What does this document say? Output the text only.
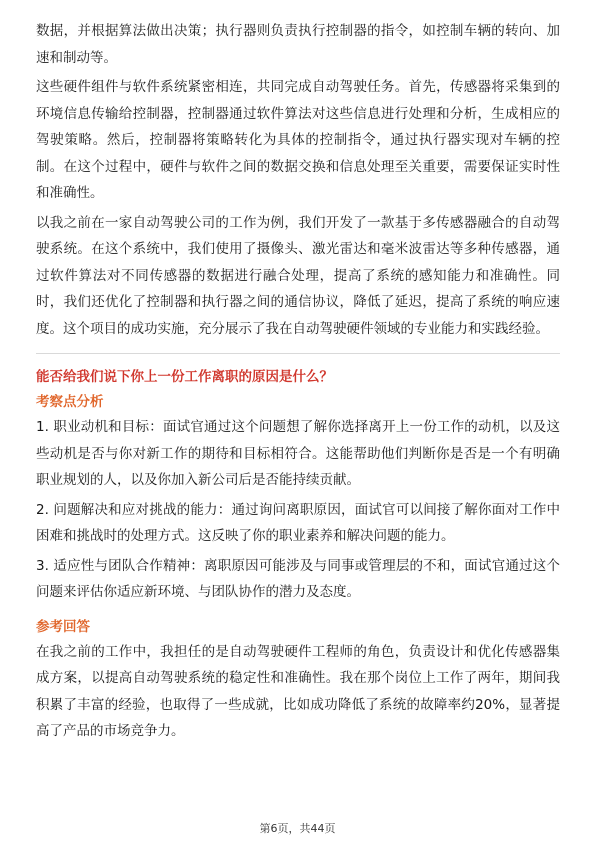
数据，并根据算法做出决策；执行器则负责执行控制器的指令，如控制车辆的转向、加速和制动等。

这些硬件组件与软件系统紧密相连，共同完成自动驾驶任务。首先，传感器将采集到的环境信息传输给控制器，控制器通过软件算法对这些信息进行处理和分析，生成相应的驾驶策略。然后，控制器将策略转化为具体的控制指令，通过执行器实现对车辆的控制。在这个过程中，硬件与软件之间的数据交换和信息处理至关重要，需要保证实时性和准确性。

以我之前在一家自动驾驶公司的工作为例，我们开发了一款基于多传感器融合的自动驾驶系统。在这个系统中，我们使用了摄像头、激光雷达和毫米波雷达等多种传感器，通过软件算法对不同传感器的数据进行融合处理，提高了系统的感知能力和准确性。同时，我们还优化了控制器和执行器之间的通信协议，降低了延迟，提高了系统的响应速度。这个项目的成功实施，充分展示了我在自动驾驶硬件领域的专业能力和实践经验。

能否给我们说下你上一份工作离职的原因是什么？

考察点分析

1. 职业动机和目标：面试官通过这个问题想了解你选择离开上一份工作的动机，以及这些动机是否与你对新工作的期待和目标相符合。这能帮助他们判断你是否是一个有明确职业规划的人，以及你加入新公司后是否能持续贡献。

2. 问题解决和应对挑战的能力：通过询问离职原因，面试官可以间接了解你面对工作中困难和挑战时的处理方式。这反映了你的职业素养和解决问题的能力。

3. 适应性与团队合作精神：离职原因可能涉及与同事或管理层的不和，面试官通过这个问题来评估你适应新环境、与团队协作的潜力及态度。

参考回答

在我之前的工作中，我担任的是自动驾驶硬件工程师的角色，负责设计和优化传感器集成方案，以提高自动驾驶系统的稳定性和准确性。我在那个岗位上工作了两年，期间我积累了丰富的经验，也取得了一些成就，比如成功降低了系统的故障率约20%，显著提高了产品的市场竞争力。

第6页，共44页
